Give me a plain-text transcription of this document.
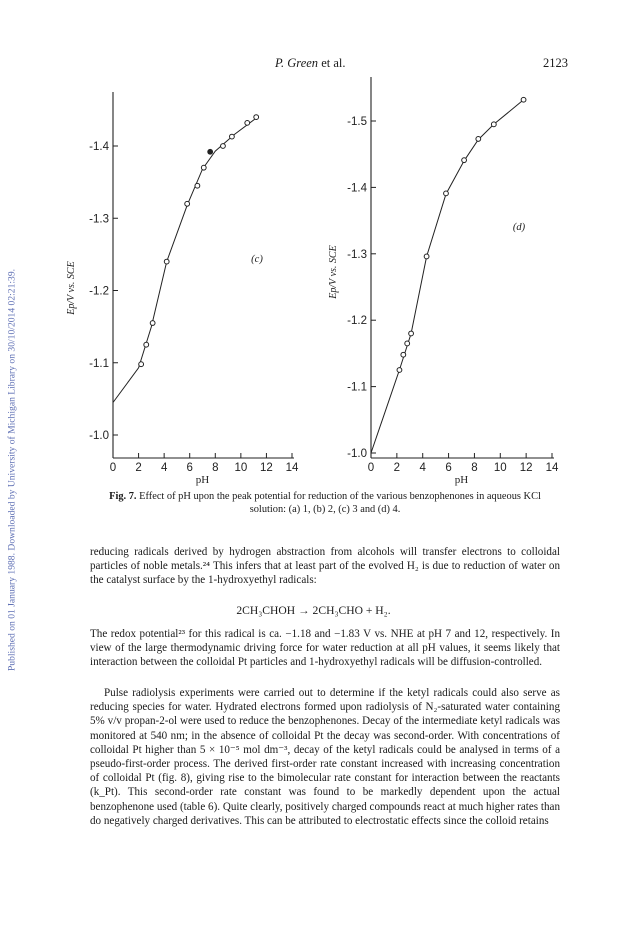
Published on 01 January 1988. Downloaded by University of Michigan Library on 30/10/2014 02:21:39.
P. Green et al.	2123
0 2 4 6 8 10 12 14
-1.0
-1.1
-1.2
-1.3
-1.4
pH
Ep/V vs. SCE
(c)
0 2 4 6 8 10 12 14
-1.0
-1.1
-1.2
-1.3
-1.4
-1.5
pH
Ep/V vs. SCE
(d)
Fig. 7. Effect of pH upon the peak potential for reduction of the various benzophenones in aqueous KCl solution: (a) 1, (b) 2, (c) 3 and (d) 4.
reducing radicals derived by hydrogen abstraction from alcohols will transfer electrons to colloidal particles of noble metals.²⁴ This infers that at least part of the evolved H₂ is due to reduction of water on the catalyst surface by the 1-hydroxyethyl radicals:
2CH₃CHOH → 2CH₃CHO + H₂.
The redox potential²³ for this radical is ca. −1.18 and −1.83 V vs. NHE at pH 7 and 12, respectively. In view of the large thermodynamic driving force for water reduction at all pH values, it seems likely that interaction between the colloidal Pt particles and 1-hydroxyethyl radicals will be diffusion-controlled.
Pulse radiolysis experiments were carried out to determine if the ketyl radicals could also serve as reducing species for water. Hydrated electrons formed upon radiolysis of N₂-saturated water containing 5% v/v propan-2-ol were used to reduce the benzophenones. Decay of the intermediate ketyl radicals was monitored at 540 nm; in the absence of colloidal Pt the decay was second-order. With concentrations of colloidal Pt higher than 5 × 10⁻⁵ mol dm⁻³, decay of the ketyl radicals could be analysed in terms of a pseudo-first-order process. The derived first-order rate constant increased with increasing concentration of colloidal Pt (fig. 8), giving rise to the bimolecular rate constant for interaction between the reactants (k_Pt). This second-order rate constant was found to be markedly dependent upon the actual benzophenone used (table 6). Quite clearly, positively charged compounds react at much higher rates than do negatively charged derivatives. This can be attributed to electrostatic effects since the colloid retains
